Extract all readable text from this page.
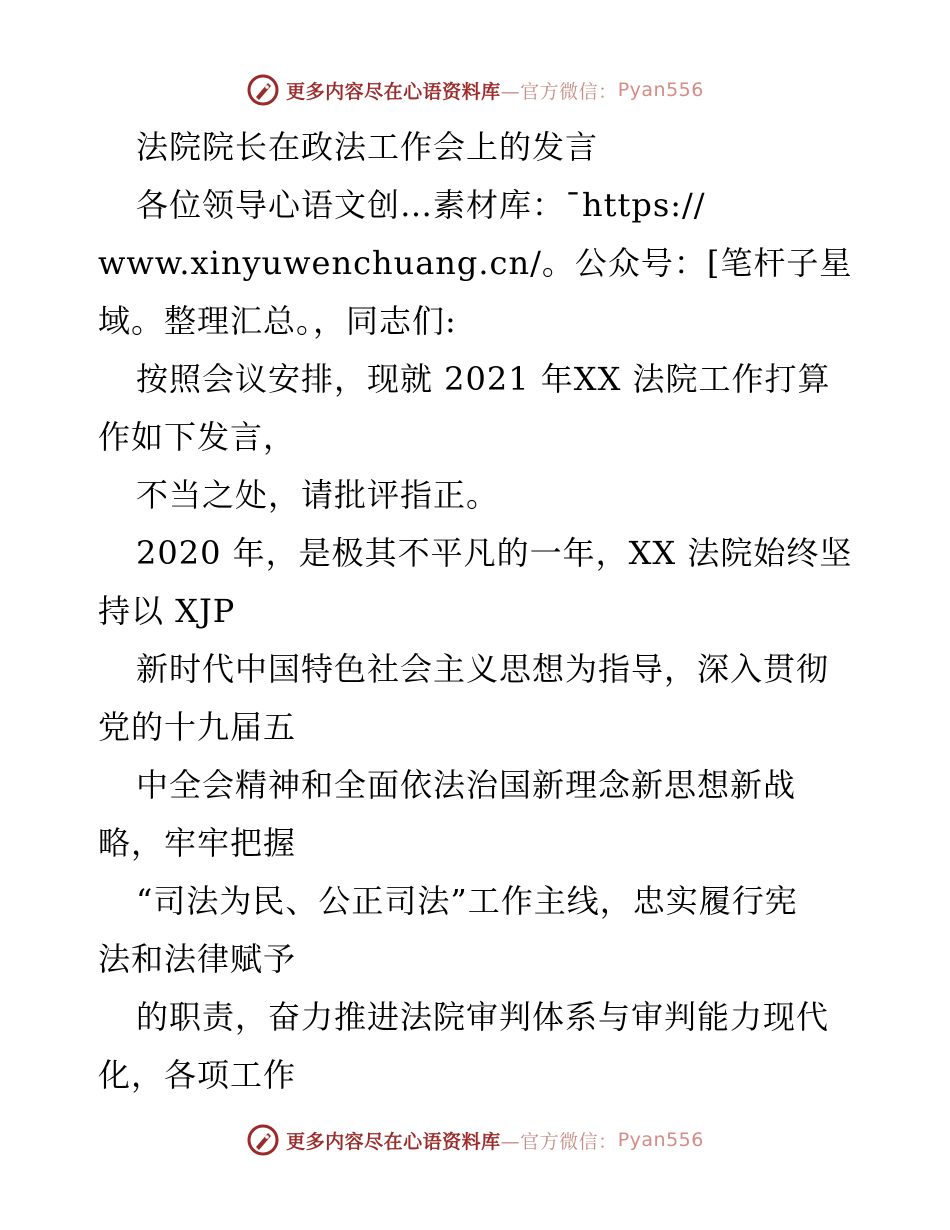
更多内容尽在心语资料库 —官方微信： Pyan556
法院院长在政法工作会上的发言
各位领导心语文创…素材库：¯https://
www.xinyuwenchuang.cn/。公众号：[笔杆子星
域。整理汇总。，同志们:
按照会议安排，现就 2021 年XX 法院工作打算
作如下发言，
不当之处，请批评指正。
2020 年，是极其不平凡的一年，XX 法院始终坚
持以 XJP
新时代中国特色社会主义思想为指导，深入贯彻
党的十九届五
中全会精神和全面依法治国新理念新思想新战
略，牢牢把握
“司法为民、公正司法”工作主线，忠实履行宪
法和法律赋予
的职责，奋力推进法院审判体系与审判能力现代
化，各项工作
更多内容尽在心语资料库 —官方微信： Pyan556
